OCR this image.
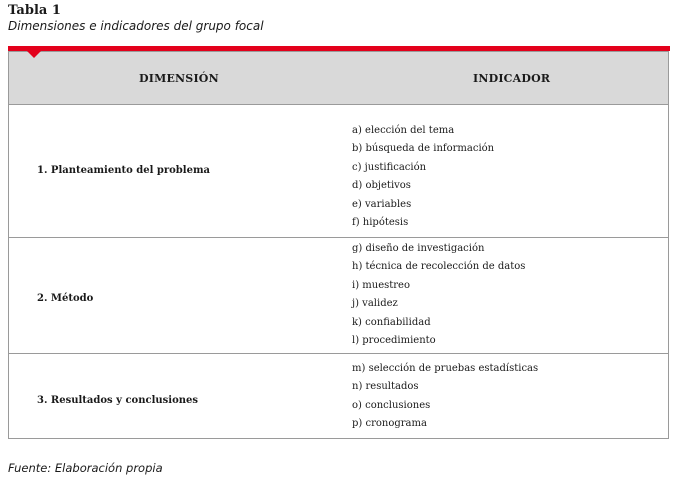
Tabla 1
Dimensiones e indicadores del grupo focal
DIMENSIÓN	INDICADOR
1. Planteamiento del problema
a) elección del tema
b) búsqueda de información
c) justificación
d) objetivos
e) variables
f) hipótesis
2. Método
g) diseño de investigación
h) técnica de recolección de datos
i) muestreo
j) validez
k) confiabilidad
l) procedimiento
3. Resultados y conclusiones
m) selección de pruebas estadísticas
n) resultados
o) conclusiones
p) cronograma
Fuente: Elaboración propia
